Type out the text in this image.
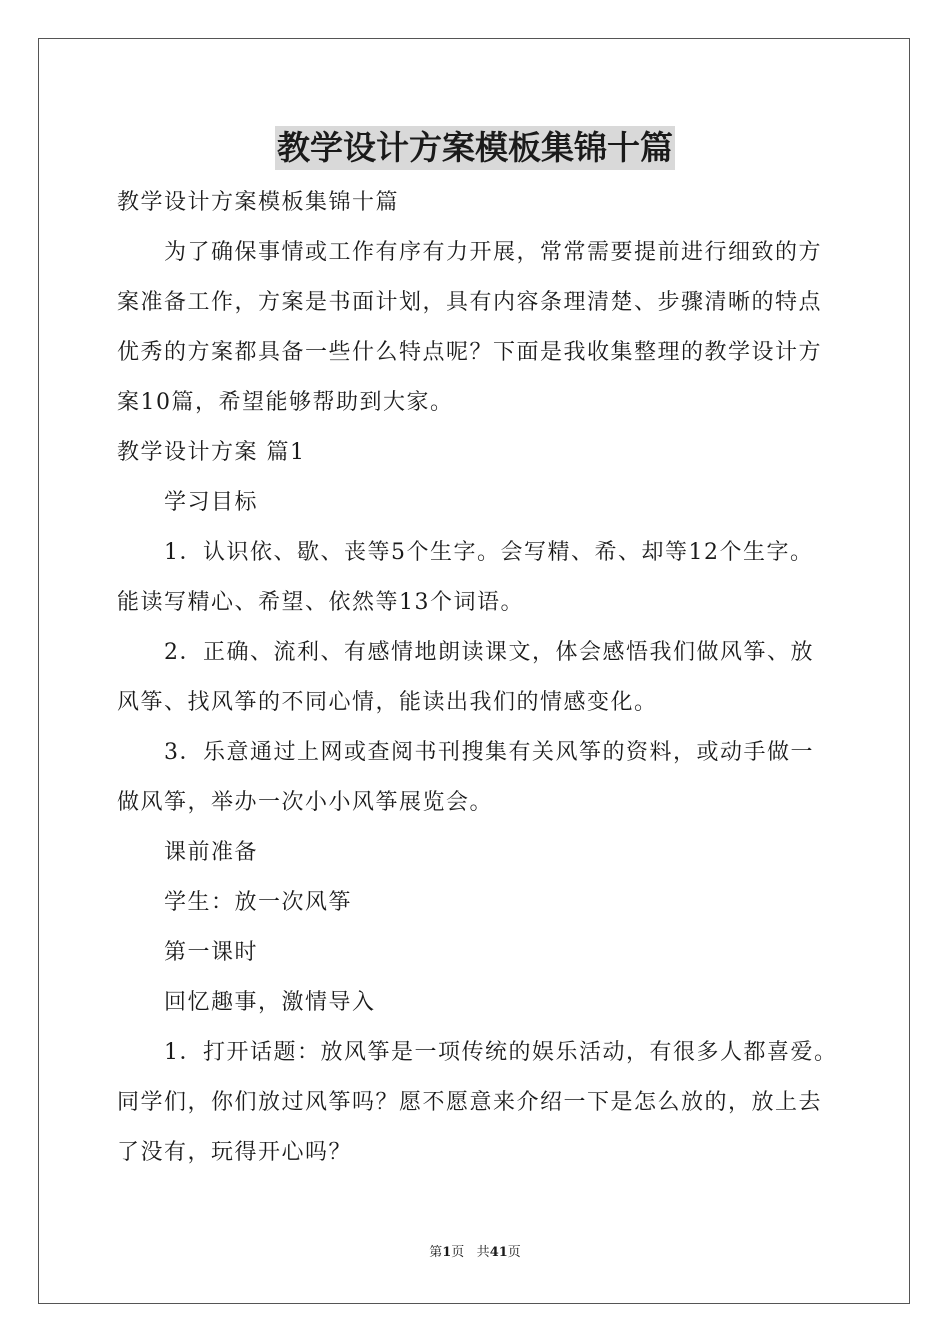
教学设计方案模板集锦十篇

教学设计方案模板集锦十篇

为了确保事情或工作有序有力开展，常常需要提前进行细致的方

案准备工作，方案是书面计划，具有内容条理清楚、步骤清晰的特点

优秀的方案都具备一些什么特点呢？下面是我收集整理的教学设计方

案10篇，希望能够帮助到大家。

教学设计方案 篇1

学习目标

1．认识依、歇、丧等5个生字。会写精、希、却等12个生字。

能读写精心、希望、依然等13个词语。

2．正确、流利、有感情地朗读课文，体会感悟我们做风筝、放

风筝、找风筝的不同心情，能读出我们的情感变化。

3．乐意通过上网或查阅书刊搜集有关风筝的资料，或动手做一

做风筝，举办一次小小风筝展览会。

课前准备

学生：放一次风筝

第一课时

回忆趣事，激情导入

1．打开话题：放风筝是一项传统的娱乐活动，有很多人都喜爱。

同学们，你们放过风筝吗？愿不愿意来介绍一下是怎么放的，放上去

了没有，玩得开心吗？

第1页 共41页
